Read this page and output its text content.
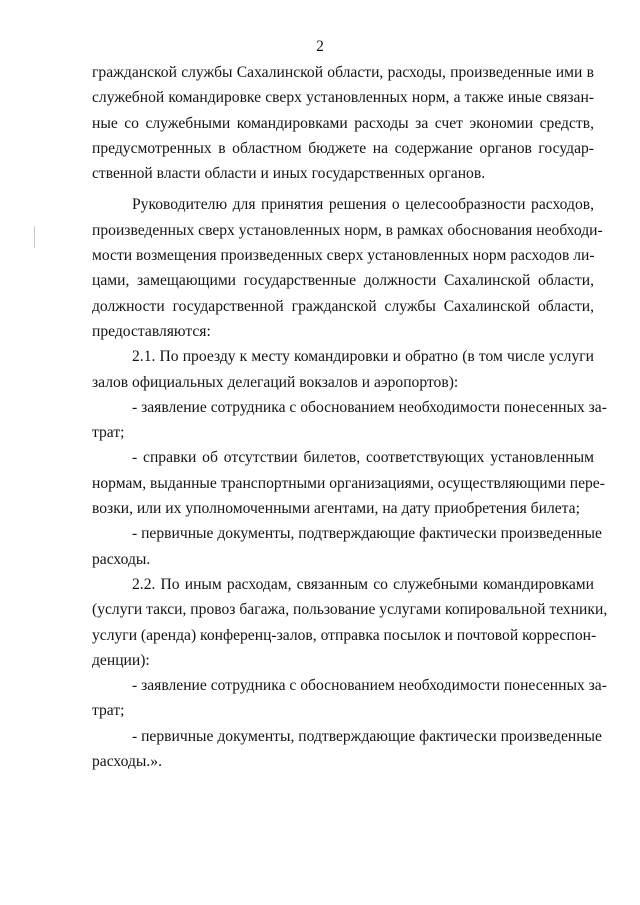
2

гражданской службы Сахалинской области, расходы, произведенные ими в
служебной командировке сверх установленных норм, а также иные связан-
ные со служебными командировками расходы за счет экономии средств,
предусмотренных в областном бюджете на содержание органов государ-
ственной власти области и иных государственных органов.

Руководителю для принятия решения о целесообразности расходов,
произведенных сверх установленных норм, в рамках обоснования необходи-
мости возмещения произведенных сверх установленных норм расходов ли-
цами, замещающими государственные должности Сахалинской области,
должности государственной гражданской службы Сахалинской области,
предоставляются:

2.1. По проезду к месту командировки и обратно (в том числе услуги
залов официальных делегаций вокзалов и аэропортов):

- заявление сотрудника с обоснованием необходимости понесенных за-
трат;

- справки об отсутствии билетов, соответствующих установленным
нормам, выданные транспортными организациями, осуществляющими пере-
возки, или их уполномоченными агентами, на дату приобретения билета;

- первичные документы, подтверждающие фактически произведенные
расходы.

2.2. По иным расходам, связанным со служебными командировками
(услуги такси, провоз багажа, пользование услугами копировальной техники,
услуги (аренда) конференц-залов, отправка посылок и почтовой корреспон-
денции):

- заявление сотрудника с обоснованием необходимости понесенных за-
трат;

- первичные документы, подтверждающие фактически произведенные
расходы.».
